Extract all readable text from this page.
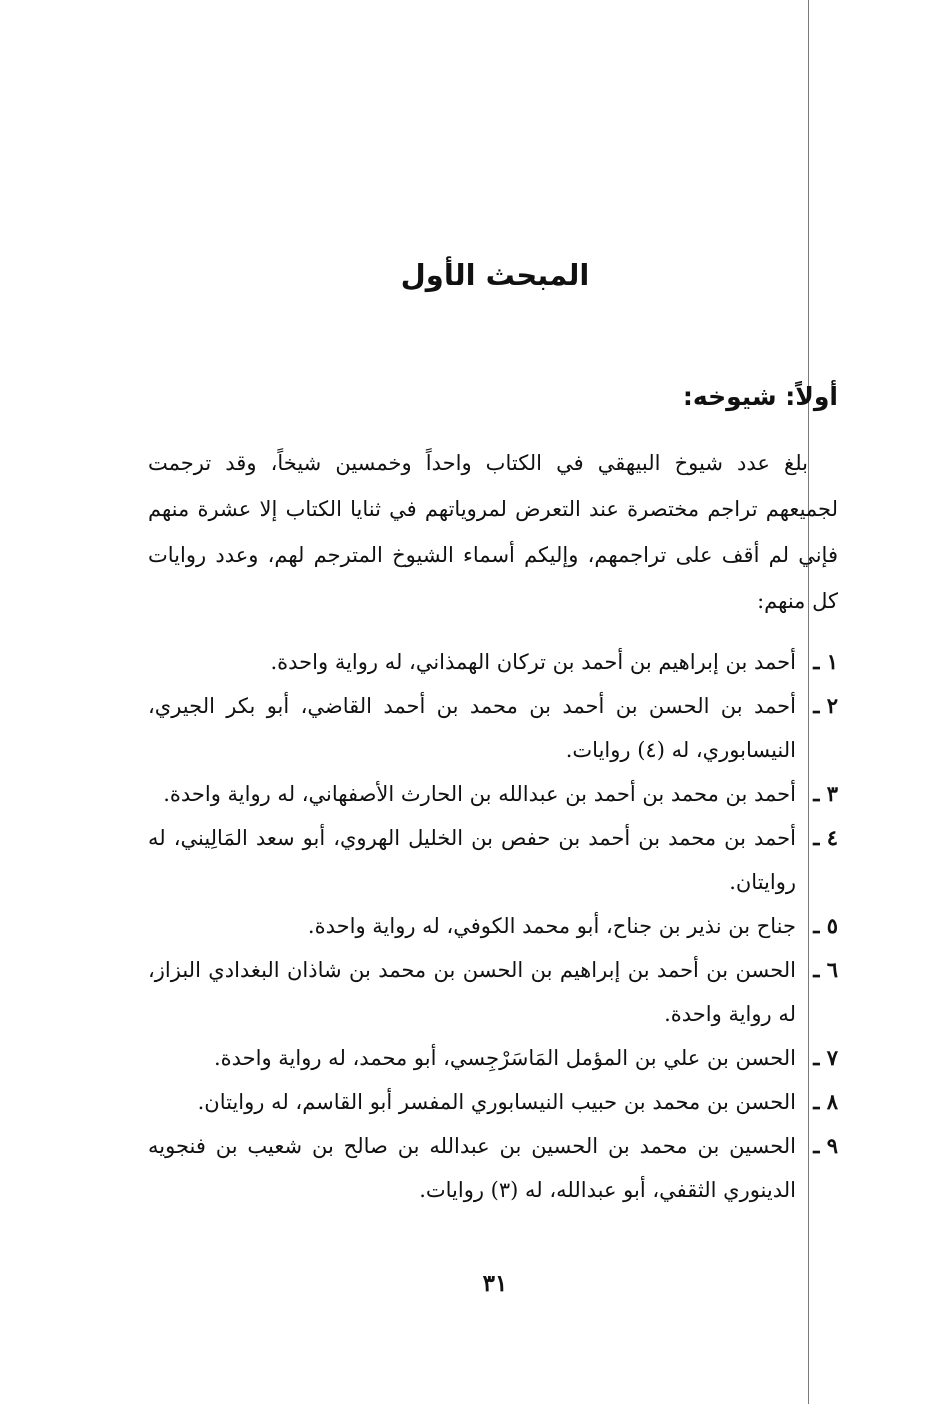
المبحث الأول
أولاً: شيوخه:

بلغ عدد شيوخ البيهقي في الكتاب واحداً وخمسين شيخاً، وقد ترجمت لجميعهم تراجم مختصرة عند التعرض لمروياتهم في ثنايا الكتاب إلا عشرة منهم فإني لم أقف على تراجمهم، وإليكم أسماء الشيوخ المترجم لهم، وعدد روايات كل منهم:

١ ـ
أحمد بن إبراهيم بن أحمد بن تركان الهمذاني، له رواية واحدة.
٢ ـ
أحمد بن الحسن بن أحمد بن محمد بن أحمد القاضي، أبو بكر الجيري، النيسابوري، له (٤) روايات.
٣ ـ
أحمد بن محمد بن أحمد بن عبدالله بن الحارث الأصفهاني، له رواية واحدة.
٤ ـ
أحمد بن محمد بن أحمد بن حفص بن الخليل الهروي، أبو سعد المَالِيني، له روايتان.
٥ ـ
جناح بن نذير بن جناح، أبو محمد الكوفي، له رواية واحدة.
٦ ـ
الحسن بن أحمد بن إبراهيم بن الحسن بن محمد بن شاذان البغدادي البزاز، له رواية واحدة.
٧ ـ
الحسن بن علي بن المؤمل المَاسَرْجِسي، أبو محمد، له رواية واحدة.
٨ ـ
الحسن بن محمد بن حبيب النيسابوري المفسر أبو القاسم، له روايتان.
٩ ـ
الحسين بن محمد بن الحسين بن عبدالله بن صالح بن شعيب بن فنجويه الدينوري الثقفي، أبو عبدالله، له (٣) روايات.
٣١
